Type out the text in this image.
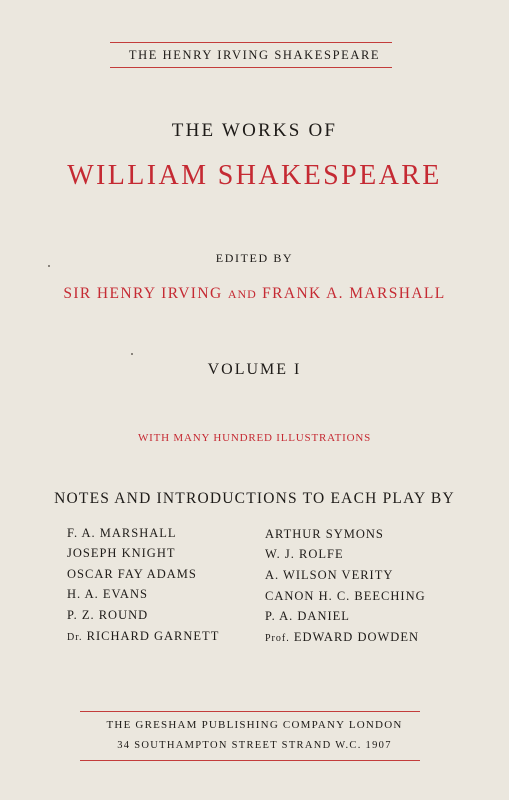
THE HENRY IRVING SHAKESPEARE
THE WORKS OF
WILLIAM SHAKESPEARE
EDITED BY
SIR HENRY IRVING AND FRANK A. MARSHALL
VOLUME I
WITH MANY HUNDRED ILLUSTRATIONS
NOTES AND INTRODUCTIONS TO EACH PLAY BY
F. A. MARSHALL
JOSEPH KNIGHT
OSCAR FAY ADAMS
H. A. EVANS
P. Z. ROUND
Dr. RICHARD GARNETT
ARTHUR SYMONS
W. J. ROLFE
A. WILSON VERITY
CANON H. C. BEECHING
P. A. DANIEL
Prof. EDWARD DOWDEN
THE GRESHAM PUBLISHING COMPANY LONDON
34 SOUTHAMPTON STREET STRAND W.C. 1907
